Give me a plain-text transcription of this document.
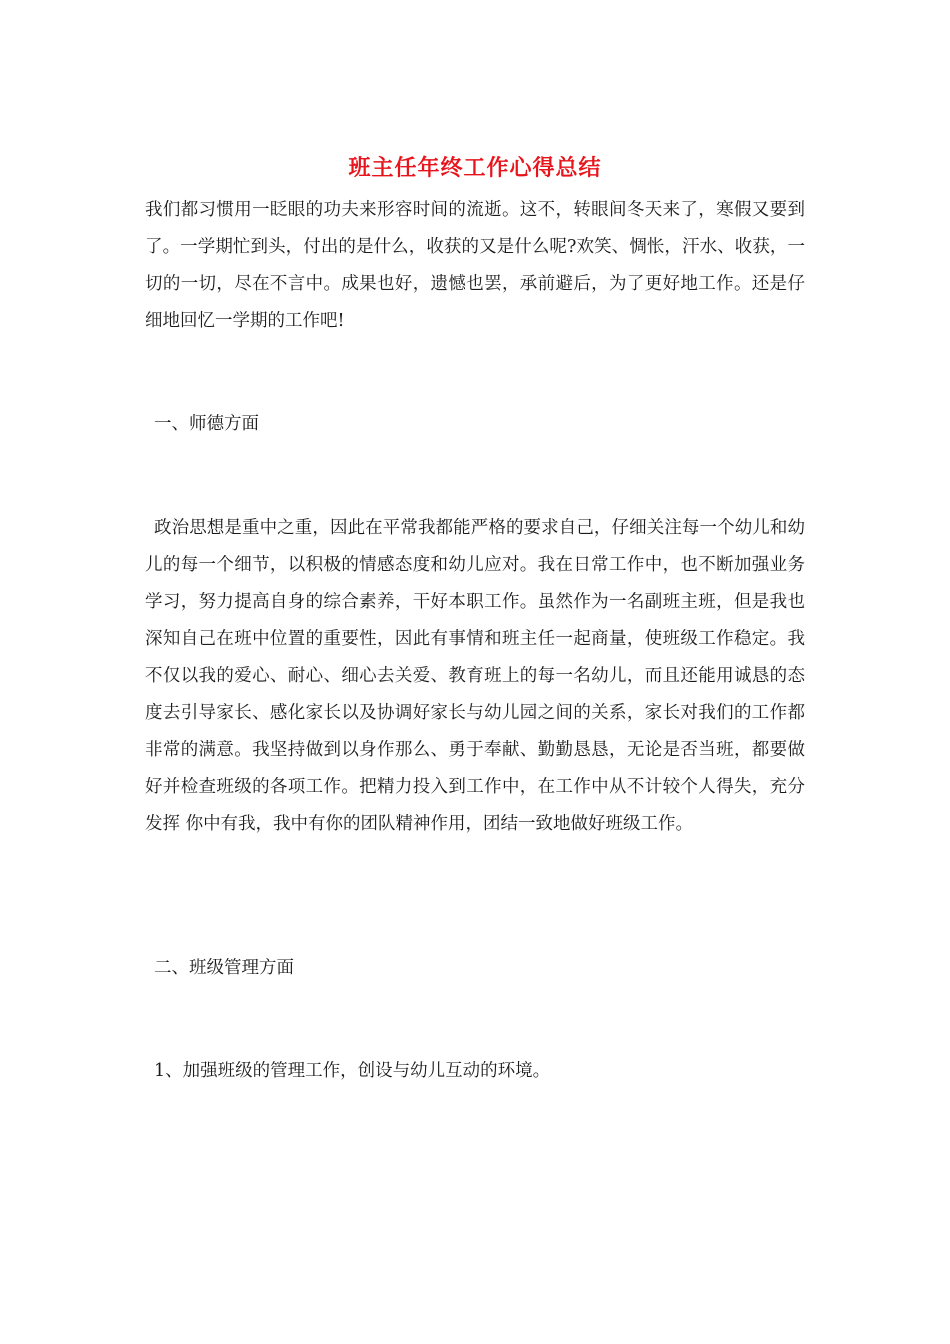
班主任年终工作心得总结

我们都习惯用一眨眼的功夫来形容时间的流逝。这不，转眼间冬天来了，寒假又要到了。一学期忙到头，付出的是什么，收获的又是什么呢?欢笑、惆怅，汗水、收获，一切的一切，尽在不言中。成果也好，遗憾也罢，承前避后，为了更好地工作。还是仔细地回忆一学期的工作吧!

一、师德方面

政治思想是重中之重，因此在平常我都能严格的要求自己，仔细关注每一个幼儿和幼儿的每一个细节，以积极的情感态度和幼儿应对。我在日常工作中，也不断加强业务学习，努力提高自身的综合素养，干好本职工作。虽然作为一名副班主班，但是我也深知自己在班中位置的重要性，因此有事情和班主任一起商量，使班级工作稳定。我不仅以我的爱心、耐心、细心去关爱、教育班上的每一名幼儿，而且还能用诚恳的态度去引导家长、感化家长以及协调好家长与幼儿园之间的关系，家长对我们的工作都非常的满意。我坚持做到以身作那么、勇于奉献、勤勤恳恳，无论是否当班，都要做好并检查班级的各项工作。把精力投入到工作中，在工作中从不计较个人得失，充分发挥 你中有我，我中有你的团队精神作用，团结一致地做好班级工作。

二、班级管理方面

1、加强班级的管理工作，创设与幼儿互动的环境。
